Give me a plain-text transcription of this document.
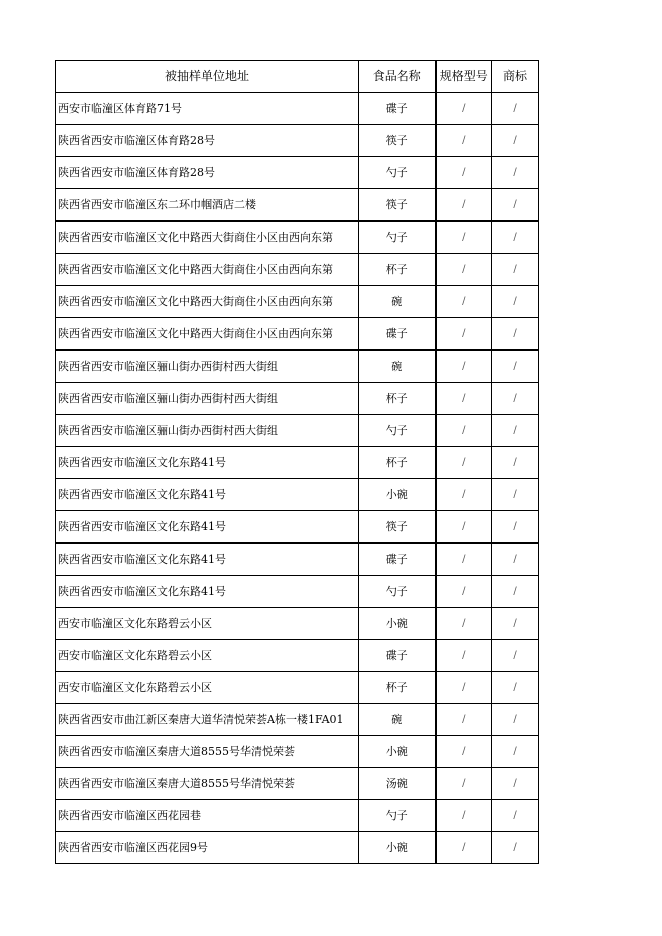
被抽样单位地址	食品名称	规格型号	商标
西安市临潼区体育路71号	碟子	/	/
陕西省西安市临潼区体育路28号	筷子	/	/
陕西省西安市临潼区体育路28号	勺子	/	/
陕西省西安市临潼区东二环巾帼酒店二楼	筷子	/	/
陕西省西安市临潼区文化中路西大街商住小区由西向东第	勺子	/	/
陕西省西安市临潼区文化中路西大街商住小区由西向东第	杯子	/	/
陕西省西安市临潼区文化中路西大街商住小区由西向东第	碗	/	/
陕西省西安市临潼区文化中路西大街商住小区由西向东第	碟子	/	/
陕西省西安市临潼区骊山街办西街村西大街组	碗	/	/
陕西省西安市临潼区骊山街办西街村西大街组	杯子	/	/
陕西省西安市临潼区骊山街办西街村西大街组	勺子	/	/
陕西省西安市临潼区文化东路41号	杯子	/	/
陕西省西安市临潼区文化东路41号	小碗	/	/
陕西省西安市临潼区文化东路41号	筷子	/	/
陕西省西安市临潼区文化东路41号	碟子	/	/
陕西省西安市临潼区文化东路41号	勺子	/	/
西安市临潼区文化东路碧云小区	小碗	/	/
西安市临潼区文化东路碧云小区	碟子	/	/
西安市临潼区文化东路碧云小区	杯子	/	/
陕西省西安市曲江新区秦唐大道华清悦荣荟A栋一楼1FA01	碗	/	/
陕西省西安市临潼区秦唐大道8555号华清悦荣荟	小碗	/	/
陕西省西安市临潼区秦唐大道8555号华清悦荣荟	汤碗	/	/
陕西省西安市临潼区西花园巷	勺子	/	/
陕西省西安市临潼区西花园9号	小碗	/	/
